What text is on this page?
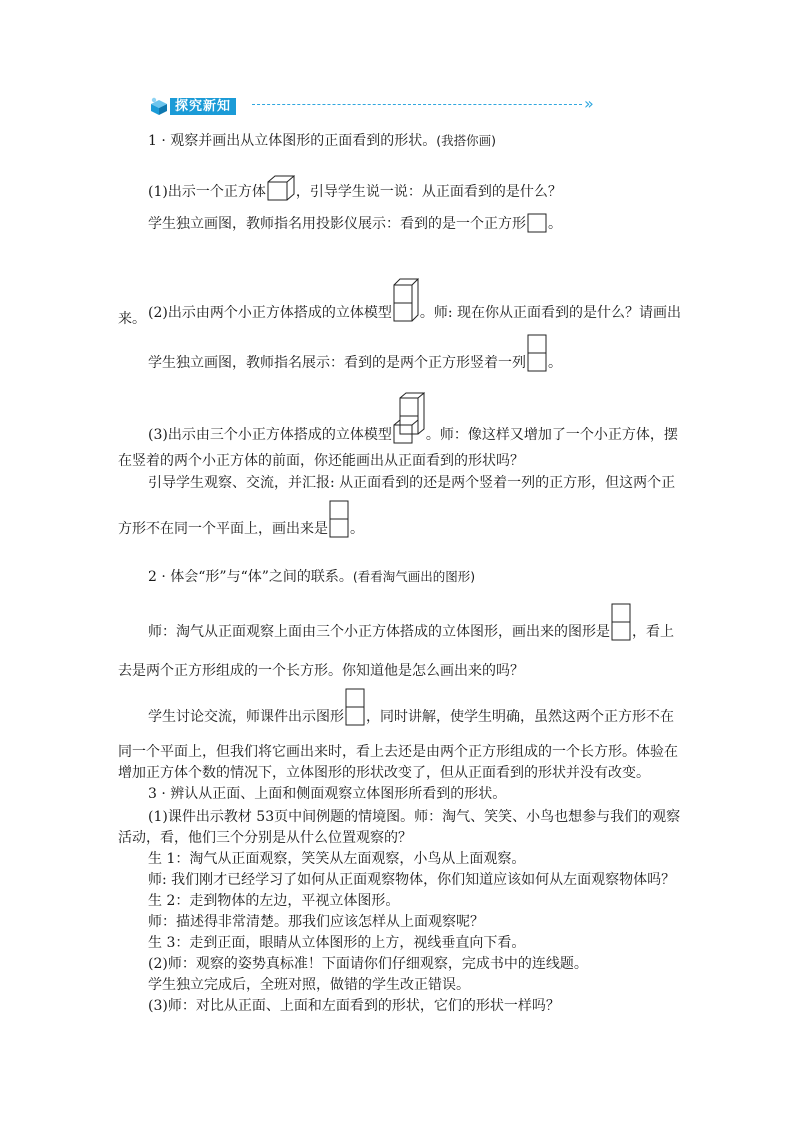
探究新知	»
1 · 观察并画出从立体图形的正面看到的形状。(我搭你画)
(1)出示一个正方体 ，引导学生说一说：从正面看到的是什么？
学生独立画图，教师指名用投影仪展示：看到的是一个正方形 。
(2)出示由两个小正方体搭成的立体模型 。师: 现在你从正面看到的是什么？请画出
来。
学生独立画图，教师指名展示：看到的是两个正方形竖着一列 。
(3)出示由三个小正方体搭成的立体模型 。师：像这样又增加了一个小正方体，摆
在竖着的两个小正方体的前面，你还能画出从正面看到的形状吗？
引导学生观察、交流，并汇报: 从正面看到的还是两个竖着一列的正方形，但这两个正
方形不在同一个平面上，画出来是 。
2 · 体会“形”与“体”之间的联系。(看看淘气画出的图形)
师：淘气从正面观察上面由三个小正方体搭成的立体图形，画出来的图形是 ，看上
去是两个正方形组成的一个长方形。你知道他是怎么画出来的吗？
学生讨论交流，师课件出示图形 ，同时讲解，使学生明确，虽然这两个正方形不在
同一个平面上，但我们将它画出来时，看上去还是由两个正方形组成的一个长方形。体验在
增加正方体个数的情况下，立体图形的形状改变了，但从正面看到的形状并没有改变。
3 · 辨认从正面、上面和侧面观察立体图形所看到的形状。
(1)课件出示教材 53页中间例题的情境图。师：淘气、笑笑、小鸟也想参与我们的观察
活动，看，他们三个分别是从什么位置观察的？
生 1：淘气从正面观察，笑笑从左面观察，小鸟从上面观察。
师: 我们刚才已经学习了如何从正面观察物体，你们知道应该如何从左面观察物体吗？
生 2：走到物体的左边，平视立体图形。
师：描述得非常清楚。那我们应该怎样从上面观察呢？
生 3：走到正面，眼睛从立体图形的上方，视线垂直向下看。
(2)师：观察的姿势真标准！下面请你们仔细观察，完成书中的连线题。
学生独立完成后，全班对照，做错的学生改正错误。
(3)师：对比从正面、上面和左面看到的形状，它们的形状一样吗？
